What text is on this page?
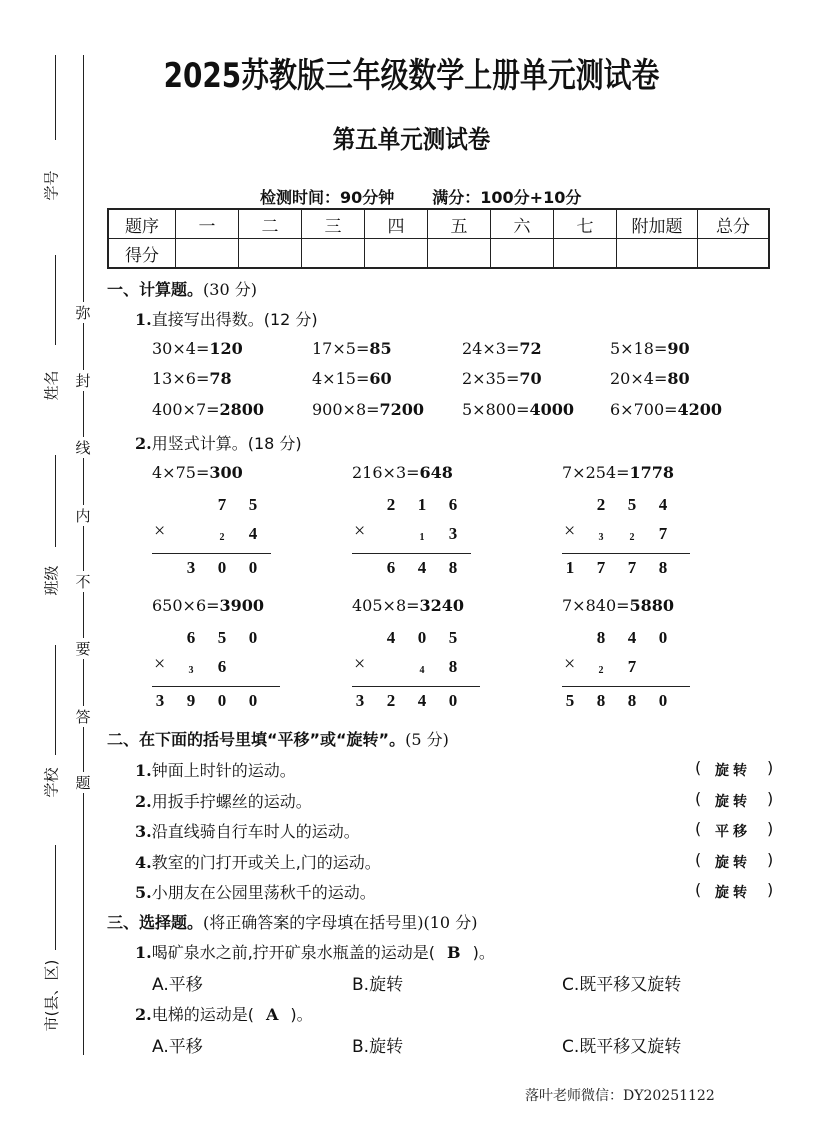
学号
姓名
班级
学校
市(县、区)
弥
封
线
内
不
要
答
题
2025苏教版三年级数学上册单元测试卷
第五单元测试卷
检测时间：90分钟 满分：100分+10分
题序	一	二	三	四	五	六	七	附加题	总分
得分									
一、计算题。(30 分)
1.直接写出得数。(12 分)
30×4=120	17×5=85	24×3=72	5×18=90
13×6=78	4×15=60	2×35=70	20×4=80
400×7=2800	900×8=7200 5×800=4000 6×700=4200
2.用竖式计算。(18 分)
4×75=300
7	5
×	2	4
3	0	0
216×3=648
2	1	6
×	1	3
6	4	8
7×254=1778
2	5	4
×	3	2	7
1	7	7	8
650×6=3900
6	5	0
×	3	6
3	9	0	0
405×8=3240
4	0	5
×	4	8
3	2	4	0
7×840=5880
8	4	0
×	2	7
5	8	8	0
二、在下面的括号里填“平移”或“旋转”。(5 分)
1.钟面上时针的运动。	( 旋转 )
2.用扳手拧螺丝的运动。	( 旋转 )
3.沿直线骑自行车时人的运动。	( 平移 )
4.教室的门打开或关上,门的运动。	( 旋转 )
5.小朋友在公园里荡秋千的运动。	( 旋转 )
三、选择题。(将正确答案的字母填在括号里)(10 分)
1.喝矿泉水之前,拧开矿泉水瓶盖的运动是( B )。
A.平移	B.旋转	C.既平移又旋转
2.电梯的运动是( A )。
A.平移	B.旋转	C.既平移又旋转
落叶老师微信：DY20251122
